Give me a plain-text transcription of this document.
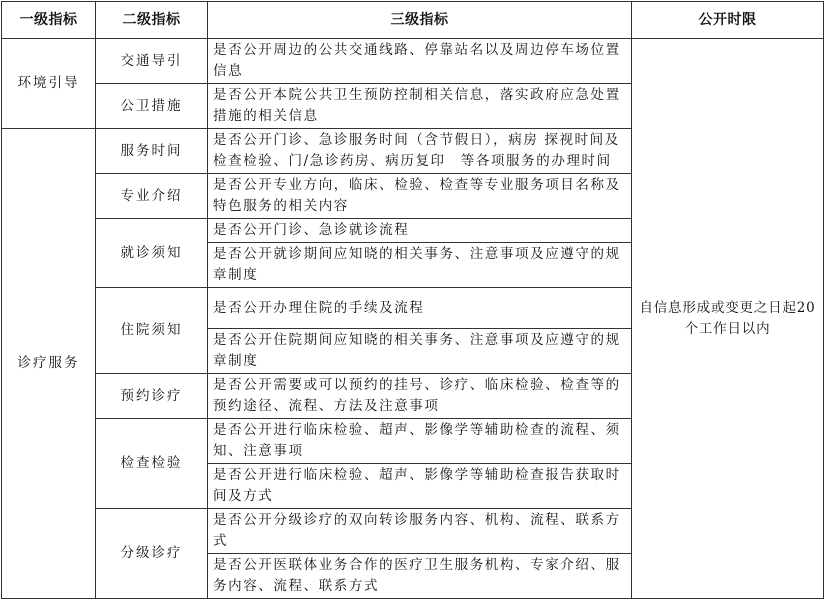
一级指标	二级指标	三级指标	公开时限
环境引导	交通导引	是否公开周边的公共交通线路、停靠站名以及周边停车场位置信息	自信息形成或变更之日起20个工作日以内
	公卫措施	是否公开本院公共卫生预防控制相关信息，落实政府应急处置措施的相关信息	
诊疗服务	服务时间	是否公开门诊、急诊服务时间（含节假日），病房 探视时间及检查检验、门/急诊药房、病历复印　等各项服务的办理时间	
	专业介绍	是否公开专业方向，临床、检验、检查等专业服务项目名称及特色服务的相关内容	
	就诊须知	是否公开门诊、急诊就诊流程	
		是否公开就诊期间应知晓的相关事务、注意事项及应遵守的规章制度	
	住院须知	是否公开办理住院的手续及流程	
		是否公开住院期间应知晓的相关事务、注意事项及应遵守的规章制度	
	预约诊疗	是否公开需要或可以预约的挂号、诊疗、临床检验、检查等的预约途径、流程、方法及注意事项	
	检查检验	是否公开进行临床检验、超声、影像学等辅助检查的流程、须知、注意事项	
		是否公开进行临床检验、超声、影像学等辅助检查报告获取时间及方式	
	分级诊疗	是否公开分级诊疗的双向转诊服务内容、机构、流程、联系方式	
		是否公开医联体业务合作的医疗卫生服务机构、专家介绍、服务内容、流程、联系方式	
